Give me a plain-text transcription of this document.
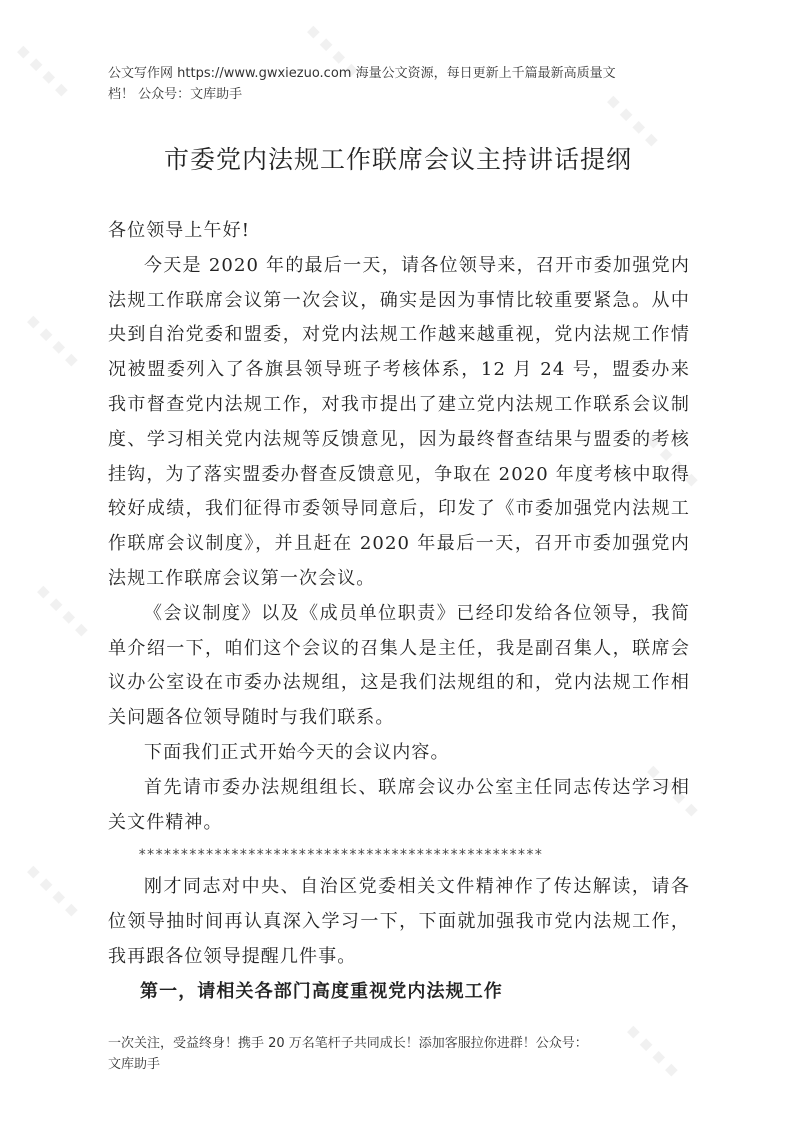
▪ ▪ ▪ ▪	▪ ▪ ▪ ▪
▪ ▪ ▪ ▪
▪ ▪ ▪ ▪
▪ ▪ ▪ ▪
▪ ▪ ▪ ▪
▪ ▪ ▪ ▪
▪ ▪ ▪ ▪
▪ ▪ ▪ ▪
公文写作网 https://www.gwxiezuo.com 海量公文资源，每日更新上千篇最新高质量文
档！ 公众号：文库助手
市委党内法规工作联席会议主持讲话提纲

各位领导上午好!

今天是 2020 年的最后一天，请各位领导来，召开市委加强党内法规工作联席会议第一次会议，确实是因为事情比较重要紧急。从中央到自治党委和盟委，对党内法规工作越来越重视，党内法规工作情况被盟委列入了各旗县领导班子考核体系，12 月 24 号，盟委办来我市督查党内法规工作，对我市提出了建立党内法规工作联系会议制度、学习相关党内法规等反馈意见，因为最终督查结果与盟委的考核挂钩，为了落实盟委办督查反馈意见，争取在 2020 年度考核中取得较好成绩，我们征得市委领导同意后，印发了《市委加强党内法规工作联席会议制度》，并且赶在 2020 年最后一天，召开市委加强党内法规工作联席会议第一次会议。

《会议制度》以及《成员单位职责》已经印发给各位领导，我简单介绍一下，咱们这个会议的召集人是主任，我是副召集人，联席会议办公室设在市委办法规组，这是我们法规组的和，党内法规工作相关问题各位领导随时与我们联系。

下面我们正式开始今天的会议内容。

首先请市委办法规组组长、联席会议办公室主任同志传达学习相关文件精神。

************************************************

刚才同志对中央、自治区党委相关文件精神作了传达解读，请各位领导抽时间再认真深入学习一下，下面就加强我市党内法规工作，我再跟各位领导提醒几件事。

第一，请相关各部门高度重视党内法规工作

一次关注，受益终身！携手 20 万名笔杆子共同成长！添加客服拉你进群！公众号：
文库助手
